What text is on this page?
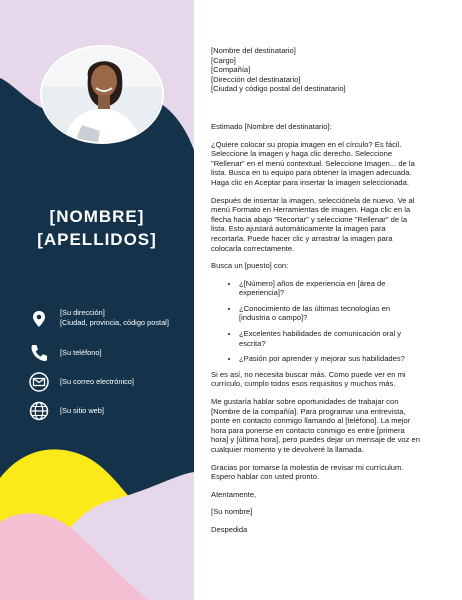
[NOMBRE]
[APELLIDOS]
[Su dirección]
[Ciudad, provincia, código postal]
[Su teléfono]
[Su correo electrónico]
[Su sitio web]
[Nombre del destinatario]
[Cargo]
[Compañía]
[Dirección del destinatario]
[Ciudad y código postal del destinatario]

Estimado [Nombre del destinatario]:

¿Quiere colocar su propia imagen en el círculo? Es fácil. Seleccione la imagen y haga clic derecho. Seleccione "Rellenar" en el menú contextual. Seleccione Imagen... de la lista. Busca en tu equipo para obtener la imagen adecuada. Haga clic en Aceptar para insertar la imagen seleccionada.

Después de insertar la imagen, selecciónela de nuevo. Ve al menú Formato en Herramientas de imagen. Haga clic en la flecha hacia abajo "Recortar" y seleccione "Rellenar" de la lista. Esto ajustará automáticamente la imagen para recortarla. Puede hacer clic y arrastrar la imagen para colocarla correctamente.

Busca un [puesto] con:

• ¿[Número] años de experiencia en [área de experiencia]?
• ¿Conocimiento de las últimas tecnologías en [industria o campo]?
• ¿Excelentes habilidades de comunicación oral y escrita?
• ¿Pasión por aprender y mejorar sus habilidades?

Si es así, no necesita buscar más. Como puede ver en mi currículo, cumplo todos esos requisitos y muchos más.

Me gustaría hablar sobre oportunidades de trabajar con [Nombre de la compañía]. Para programar una entrevista, ponte en contacto conmigo llamando al [teléfono]. La mejor hora para ponerse en contacto conmigo es entre [primera hora] y [última hora], pero puedes dejar un mensaje de voz en cualquier momento y te devolveré la llamada.

Gracias por tomarse la molestia de revisar mi currículum. Espero hablar con usted pronto.

Atentamente,

[Su nombre]

Despedida
